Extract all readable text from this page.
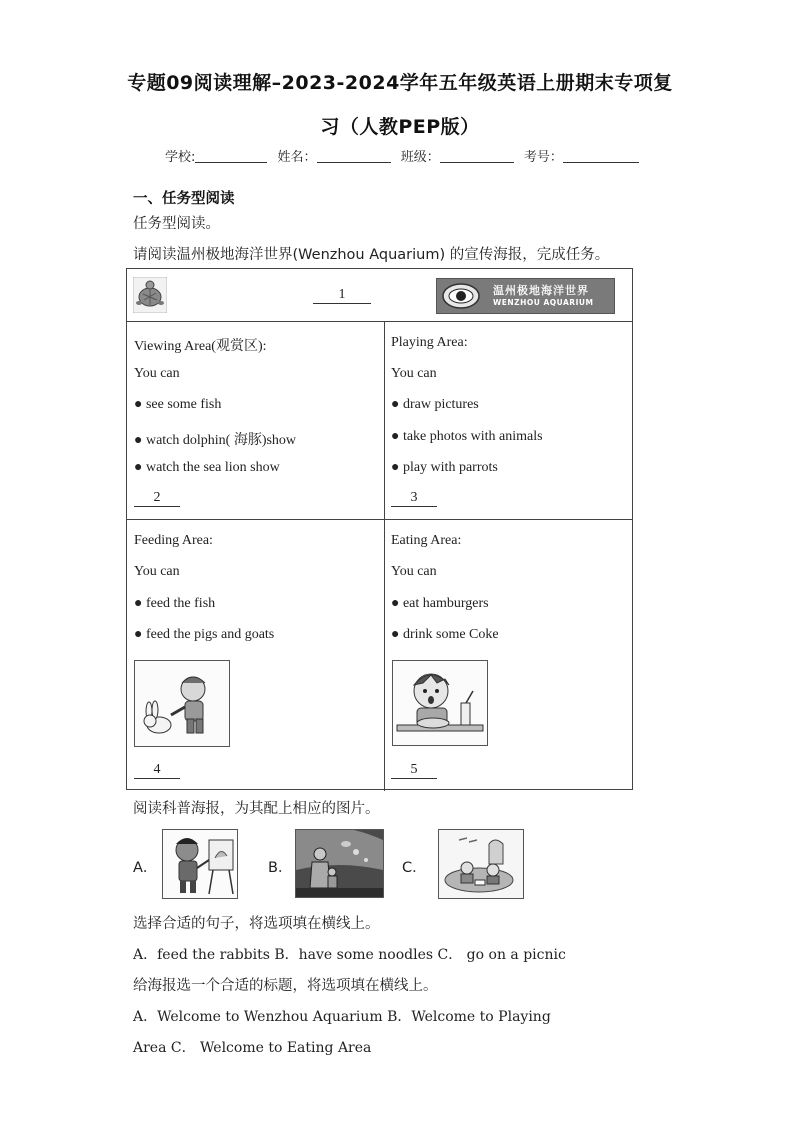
专题09阅读理解–2023-2024学年五年级英语上册期末专项复
习（人教PEP版）
学校:	姓名：	班级：	考号：
一、任务型阅读
任务型阅读。
请阅读温州极地海洋世界(Wenzhou Aquarium) 的宣传海报，完成任务。
1	温州极地海洋世界
WENZHOU AQUARIUM
Viewing Area(观赏区):
You can
● see some fish
● watch dolphin( 海豚)show
● watch the sea lion show
2
Playing Area:
You can
● draw pictures
● take photos with animals
● play with parrots
3
Feeding Area:
You can
● feed the fish
● feed the pigs and goats
4
Eating Area:
You can
● eat hamburgers
● drink some Coke
5
阅读科普海报，为其配上相应的图片。
A．	B．	C．
选择合适的句子，将选项填在横线上。
A．feed the rabbits B．have some noodles C． go on a picnic
给海报选一个合适的标题，将选项填在横线上。
A．Welcome to Wenzhou Aquarium B．Welcome to Playing
Area C． Welcome to Eating Area
